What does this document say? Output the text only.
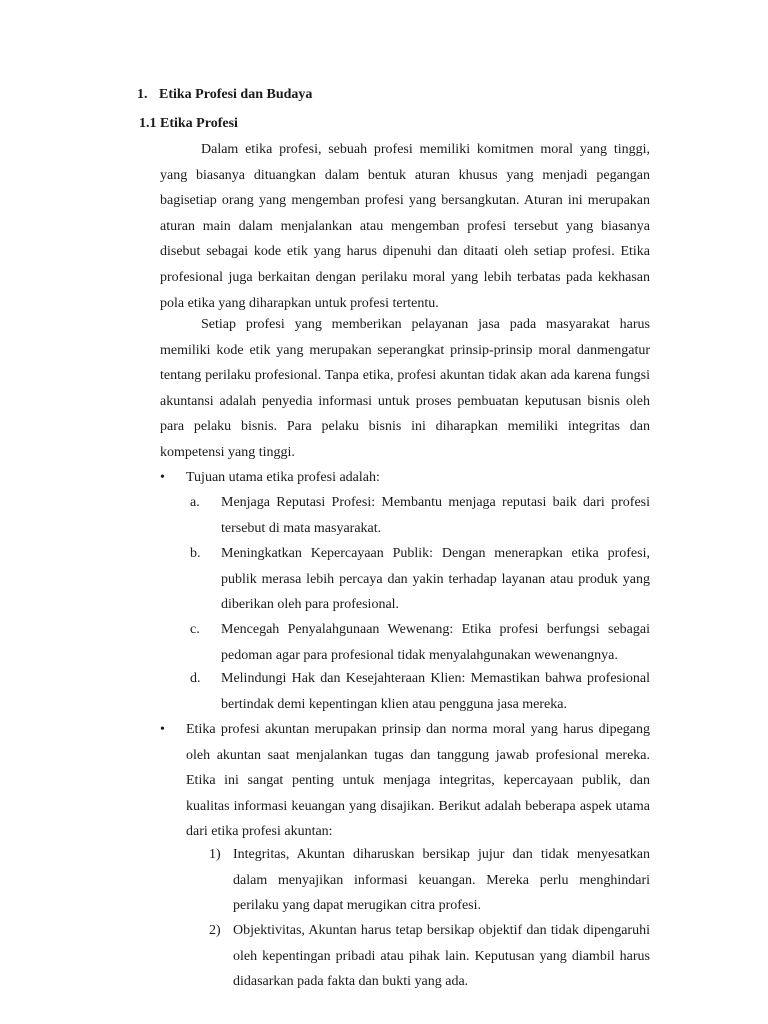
1. Etika Profesi dan Budaya
1.1 Etika Profesi

Dalam etika profesi, sebuah profesi memiliki komitmen moral yang tinggi, yang biasanya dituangkan dalam bentuk aturan khusus yang menjadi pegangan bagisetiap orang yang mengemban profesi yang bersangkutan. Aturan ini merupakan aturan main dalam menjalankan atau mengemban profesi tersebut yang biasanya disebut sebagai kode etik yang harus dipenuhi dan ditaati oleh setiap profesi. Etika profesional juga berkaitan dengan perilaku moral yang lebih terbatas pada kekhasan pola etika yang diharapkan untuk profesi tertentu.

Setiap profesi yang memberikan pelayanan jasa pada masyarakat harus memiliki kode etik yang merupakan seperangkat prinsip-prinsip moral danmengatur tentang perilaku profesional. Tanpa etika, profesi akuntan tidak akan ada karena fungsi akuntansi adalah penyedia informasi untuk proses pembuatan keputusan bisnis oleh para pelaku bisnis. Para pelaku bisnis ini diharapkan memiliki integritas dan kompetensi yang tinggi.

• Tujuan utama etika profesi adalah:

a. Menjaga Reputasi Profesi: Membantu menjaga reputasi baik dari profesi tersebut di mata masyarakat.

b. Meningkatkan Kepercayaan Publik: Dengan menerapkan etika profesi, publik merasa lebih percaya dan yakin terhadap layanan atau produk yang diberikan oleh para profesional.

c. Mencegah Penyalahgunaan Wewenang: Etika profesi berfungsi sebagai pedoman agar para profesional tidak menyalahgunakan wewenangnya.

d. Melindungi Hak dan Kesejahteraan Klien: Memastikan bahwa profesional bertindak demi kepentingan klien atau pengguna jasa mereka.

• Etika profesi akuntan merupakan prinsip dan norma moral yang harus dipegang oleh akuntan saat menjalankan tugas dan tanggung jawab profesional mereka. Etika ini sangat penting untuk menjaga integritas, kepercayaan publik, dan kualitas informasi keuangan yang disajikan. Berikut adalah beberapa aspek utama dari etika profesi akuntan:

1) Integritas, Akuntan diharuskan bersikap jujur dan tidak menyesatkan dalam menyajikan informasi keuangan. Mereka perlu menghindari perilaku yang dapat merugikan citra profesi.

2) Objektivitas, Akuntan harus tetap bersikap objektif dan tidak dipengaruhi oleh kepentingan pribadi atau pihak lain. Keputusan yang diambil harus didasarkan pada fakta dan bukti yang ada.
